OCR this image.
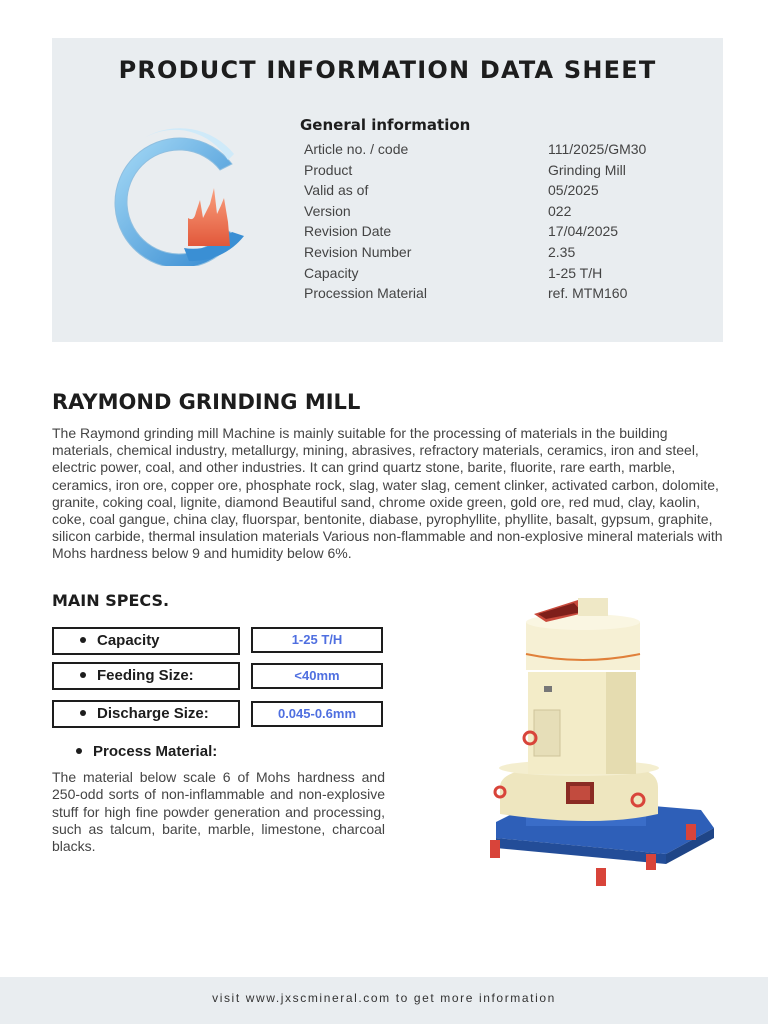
PRODUCT INFORMATION DATA SHEET
General information
Article no. / code	111/2025/GM30
Product	Grinding Mill
Valid as of	05/2025
Version	022
Revision Date	17/04/2025
Revision Number	2.35
Capacity	1-25 T/H
Procession Material	ref. MTM160
RAYMOND GRINDING MILL
The Raymond grinding mill Machine is mainly suitable for the processing of materials in the building materials, chemical industry, metallurgy, mining, abrasives, refractory materials, ceramics, iron and steel, electric power, coal, and other industries. It can grind quartz stone, barite, fluorite, rare earth, marble, ceramics, iron ore, copper ore, phosphate rock, slag, water slag, cement clinker, activated carbon, dolomite, granite, coking coal, lignite, diamond Beautiful sand, chrome oxide green, gold ore, red mud, clay, kaolin, coke, coal gangue, china clay, fluorspar, bentonite, diabase, pyrophyllite, phyllite, basalt, gypsum, graphite, silicon carbide, thermal insulation materials Various non-flammable and non-explosive mineral materials with Mohs hardness below 9 and humidity below 6%.
MAIN SPECS.
Capacity	1-25 T/H
Feeding Size:	<40mm
Discharge Size:	0.045-0.6mm
Process Material:
The material below scale 6 of Mohs hardness and 250-odd sorts of non-inflammable and non-explosive stuff for high fine powder generation and processing, such as talcum, barite, marble, limestone, charcoal blacks.
visit www.jxscmineral.com to get more information
